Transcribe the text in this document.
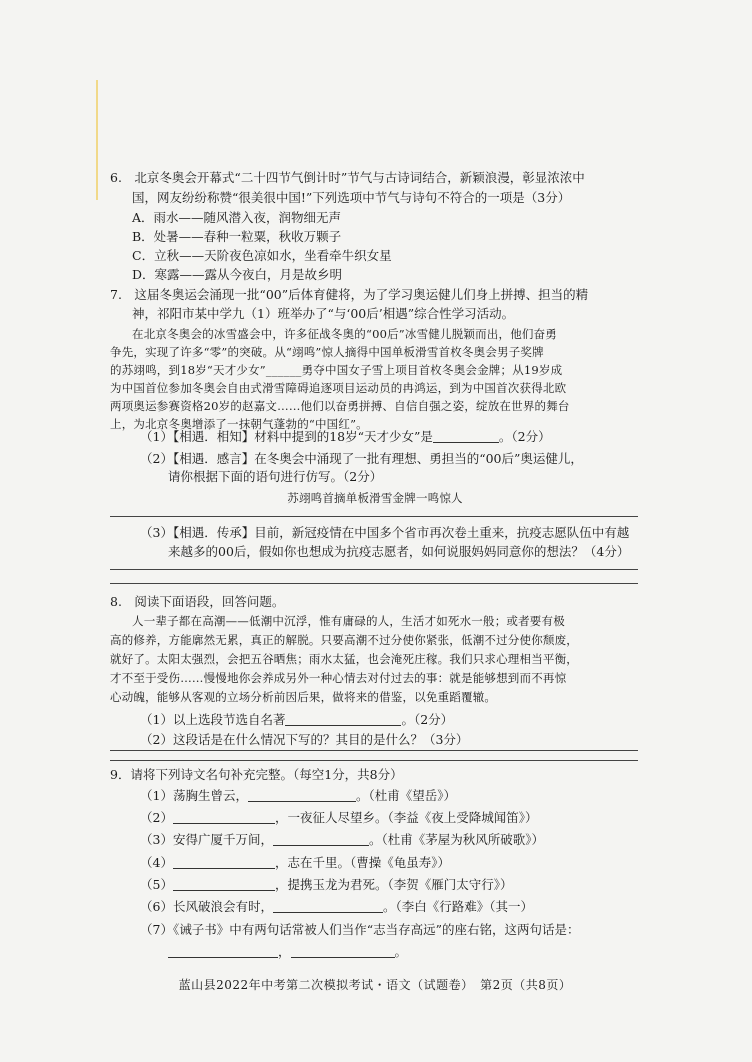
6.　北京冬奥会开幕式“二十四节气倒计时”节气与古诗词结合，新颖浪漫，彰显浓浓中
国，网友纷纷称赞“很美很中国!”下列选项中节气与诗句不符合的一项是（3分）
A．雨水——随风潜入夜，润物细无声
B．处暑——春种一粒粟，秋收万颗子
C．立秋——天阶夜色凉如水，坐看牵牛织女星
D．寒露——露从今夜白，月是故乡明
7.　这届冬奥运会涌现一批“00”后体育健将，为了学习奥运健儿们身上拼搏、担当的精
神，祁阳市某中学九（1）班举办了“与‘00后’相遇”综合性学习活动。
在北京冬奥会的冰雪盛会中，许多征战冬奥的“00后”冰雪健儿脱颖而出，他们奋勇
争先，实现了许多“零”的突破。从“翊鸣”惊人摘得中国单板滑雪首枚冬奥会男子奖牌
的苏翊鸣，到18岁“天才少女”______勇夺中国女子雪上项目首枚冬奥会金牌；从19岁成
为中国首位参加冬奥会自由式滑雪障碍追逐项目运动员的冉鸿运，到为中国首次获得北欧
两项奥运参赛资格20岁的赵嘉文……他们以奋勇拼搏、自信自强之姿，绽放在世界的舞台
上，为北京冬奥增添了一抹朝气蓬勃的“中国红”。
（1）【相遇．相知】材料中提到的18岁“天才少女”是	。（2分）
（2）【相遇．感言】在冬奥会中涌现了一批有理想、勇担当的“00后”奥运健儿，
请你根据下面的语句进行仿写。（2分）
苏翊鸣首摘单板滑雪金牌一鸣惊人
（3）【相遇．传承】目前，新冠疫情在中国多个省市再次卷土重来，抗疫志愿队伍中有越
来越多的00后，假如你也想成为抗疫志愿者，如何说服妈妈同意你的想法？（4分）
8.　阅读下面语段，回答问题。
人一辈子都在高潮——低潮中沉浮，惟有庸碌的人，生活才如死水一般；或者要有极
高的修养，方能廓然无累，真正的解脱。只要高潮不过分使你紧张，低潮不过分使你颓废，
就好了。太阳太强烈，会把五谷晒焦；雨水太猛，也会淹死庄稼。我们只求心理相当平衡，
才不至于受伤……慢慢地你会养成另外一种心情去对付过去的事：就是能够想到而不再惊
心动魄，能够从客观的立场分析前因后果，做将来的借鉴，以免重蹈覆辙。
（1）以上选段节选自名著	。（2分）
（2）这段话是在什么情况下写的？其目的是什么？（3分）
9．请将下列诗文名句补充完整。（每空1分，共8分）
（1）荡胸生曾云，	。（杜甫《望岳》）
（2）	，一夜征人尽望乡。（李益《夜上受降城闻笛》）
（3）安得广厦千万间，	。（杜甫《茅屋为秋风所破歌》）
（4）	，志在千里。（曹操《龟虽寿》）
（5）	，提携玉龙为君死。（李贺《雁门太守行》）
（6）长风破浪会有时，	。（李白《行路难》（其一）
（7）《诫子书》中有两句话常被人们当作“志当存高远”的座右铭，这两句话是：
，	。
蓝山县2022年中考第二次模拟考试・语文（试题卷）　第2页（共8页）
